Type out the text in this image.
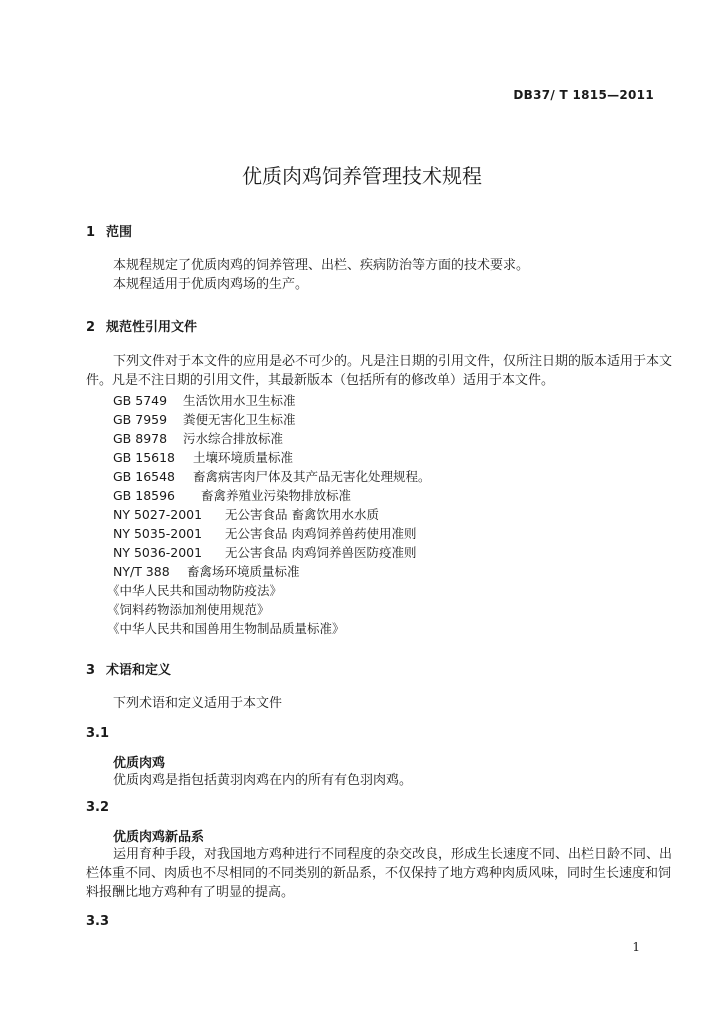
DB37/ T 1815—2011
优质肉鸡饲养管理技术规程
1 范围
本规程规定了优质肉鸡的饲养管理、出栏、疾病防治等方面的技术要求。
本规程适用于优质肉鸡场的生产。
2 规范性引用文件
下列文件对于本文件的应用是必不可少的。凡是注日期的引用文件，仅所注日期的版本适用于本文
件。凡是不注日期的引用文件，其最新版本（包括所有的修改单）适用于本文件。
GB 5749 生活饮用水卫生标准
GB 7959 粪便无害化卫生标准
GB 8978 污水综合排放标准
GB 15618 土壤环境质量标准
GB 16548 畜禽病害肉尸体及其产品无害化处理规程。
GB 18596 畜禽养殖业污染物排放标准
NY 5027-2001 无公害食品 畜禽饮用水水质
NY 5035-2001 无公害食品 肉鸡饲养兽药使用准则
NY 5036-2001 无公害食品 肉鸡饲养兽医防疫准则
NY/T 388 畜禽场环境质量标准
《中华人民共和国动物防疫法》
《饲料药物添加剂使用规范》
《中华人民共和国兽用生物制品质量标准》
3 术语和定义
下列术语和定义适用于本文件
3.1
优质肉鸡
优质肉鸡是指包括黄羽肉鸡在内的所有有色羽肉鸡。
3.2
优质肉鸡新品系
运用育种手段，对我国地方鸡种进行不同程度的杂交改良，形成生长速度不同、出栏日龄不同、出
栏体重不同、肉质也不尽相同的不同类别的新品系，不仅保持了地方鸡种肉质风味，同时生长速度和饲
料报酬比地方鸡种有了明显的提高。
3.3
1
